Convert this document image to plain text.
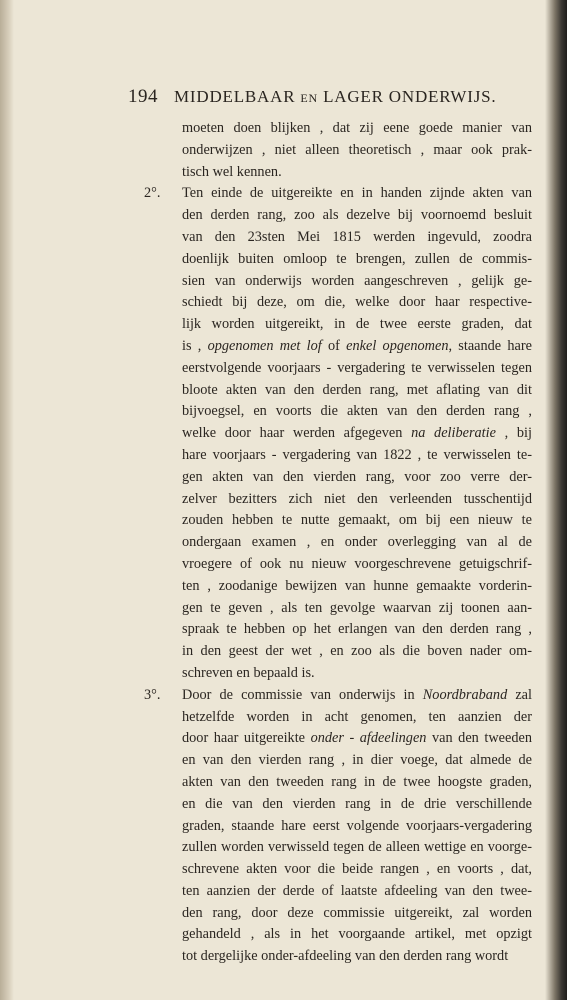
194 MIDDELBAAR EN LAGER ONDERWIJS.
moeten doen blijken , dat zij eene goede manier van
onderwijzen , niet alleen theoretisch , maar ook prak-
tisch wel kennen.
2°. Ten einde de uitgereikte en in handen zijnde akten van
den derden rang, zoo als dezelve bij voornoemd besluit
van den 23sten Mei 1815 werden ingevuld, zoodra
doenlijk buiten omloop te brengen, zullen de commis-
sien van onderwijs worden aangeschreven , gelijk ge-
schiedt bij deze, om die, welke door haar respective-
lijk worden uitgereikt, in de twee eerste graden, dat
is , opgenomen met lof of enkel opgenomen, staande hare
eerstvolgende voorjaars - vergadering te verwisselen tegen
bloote akten van den derden rang, met aflating van dit
bijvoegsel, en voorts die akten van den derden rang ,
welke door haar werden afgegeven na deliberatie , bij
hare voorjaars - vergadering van 1822 , te verwisselen te-
gen akten van den vierden rang, voor zoo verre der-
zelver bezitters zich niet den verleenden tusschentijd
zouden hebben te nutte gemaakt, om bij een nieuw te
ondergaan examen , en onder overlegging van al de
vroegere of ook nu nieuw voorgeschrevene getuigschrif-
ten , zoodanige bewijzen van hunne gemaakte vorderin-
gen te geven , als ten gevolge waarvan zij toonen aan-
spraak te hebben op het erlangen van den derden rang ,
in den geest der wet , en zoo als die boven nader om-
schreven en bepaald is.
3°. Door de commissie van onderwijs in Noordbraband zal
hetzelfde worden in acht genomen, ten aanzien der
door haar uitgereikte onder - afdeelingen van den tweeden
en van den vierden rang , in dier voege, dat almede de
akten van den tweeden rang in de twee hoogste graden,
en die van den vierden rang in de drie verschillende
graden, staande hare eerst volgende voorjaars-vergadering
zullen worden verwisseld tegen de alleen wettige en voorge-
schrevene akten voor die beide rangen , en voorts , dat,
ten aanzien der derde of laatste afdeeling van den twee-
den rang, door deze commissie uitgereikt, zal worden
gehandeld , als in het voorgaande artikel, met opzigt
tot dergelijke onder-afdeeling van den derden rang wordt
